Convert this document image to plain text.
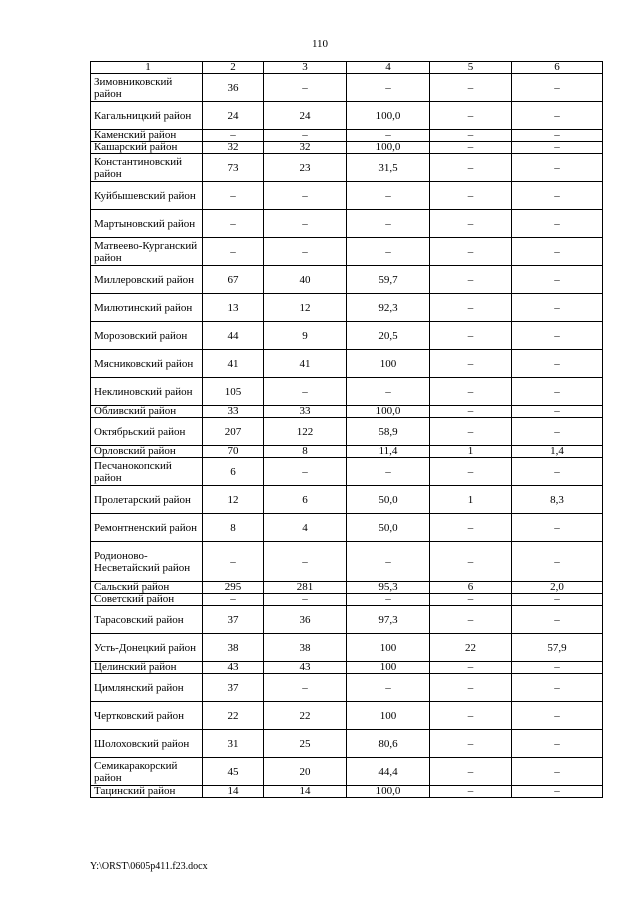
110
1	2	3	4	5	6
Зимовниковский район	36	–	–	–	–
Кагальницкий район	24	24	100,0	–	–
Каменский район	–	–	–	–	–
Кашарский район	32	32	100,0	–	–
Константиновский район	73	23	31,5	–	–
Куйбышевский район	–	–	–	–	–
Мартыновский район	–	–	–	–	–
Матвеево-Курганский район	–	–	–	–	–
Миллеровский район	67	40	59,7	–	–
Милютинский район	13	12	92,3	–	–
Морозовский район	44	9	20,5	–	–
Мясниковский район	41	41	100	–	–
Неклиновский район	105	–	–	–	–
Обливский район	33	33	100,0	–	–
Октябрьский район	207	122	58,9	–	–
Орловский район	70	8	11,4	1	1,4
Песчанокопский район	6	–	–	–	–
Пролетарский район	12	6	50,0	1	8,3
Ремонтненский район	8	4	50,0	–	–
Родионово-Несветайский район	–	–	–	–	–
Сальский район	295	281	95,3	6	2,0
Советский район	–	–	–	–	–
Тарасовский район	37	36	97,3	–	–
Усть-Донецкий район	38	38	100	22	57,9
Целинский район	43	43	100	–	–
Цимлянский район	37	–	–	–	–
Чертковский район	22	22	100	–	–
Шолоховский район	31	25	80,6	–	–
Семикаракорский район	45	20	44,4	–	–
Тацинский район	14	14	100,0	–	–
Y:\ORST\0605p411.f23.docx
